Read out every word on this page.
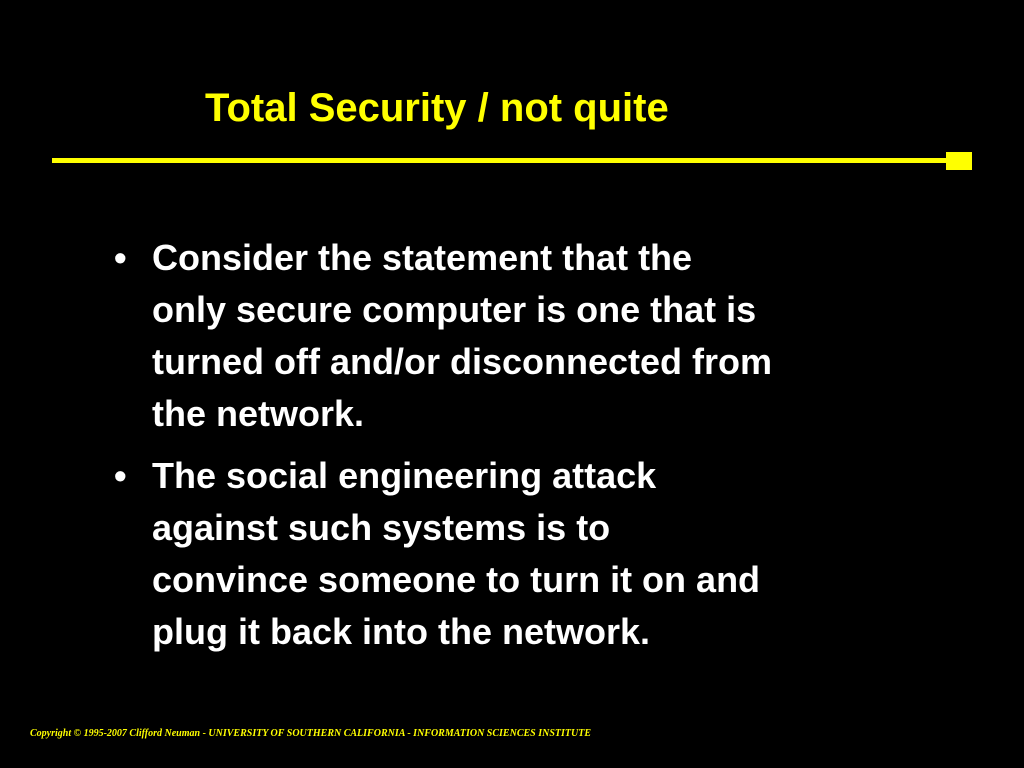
Total Security / not quite
• Consider the statement that the
only secure computer is one that is
turned off and/or disconnected from
the network.
• The social engineering attack
against such systems is to
convince someone to turn it on and
plug it back into the network.

Copyright © 1995-2007 Clifford Neuman - UNIVERSITY OF SOUTHERN CALIFORNIA - INFORMATION SCIENCES INSTITUTE
